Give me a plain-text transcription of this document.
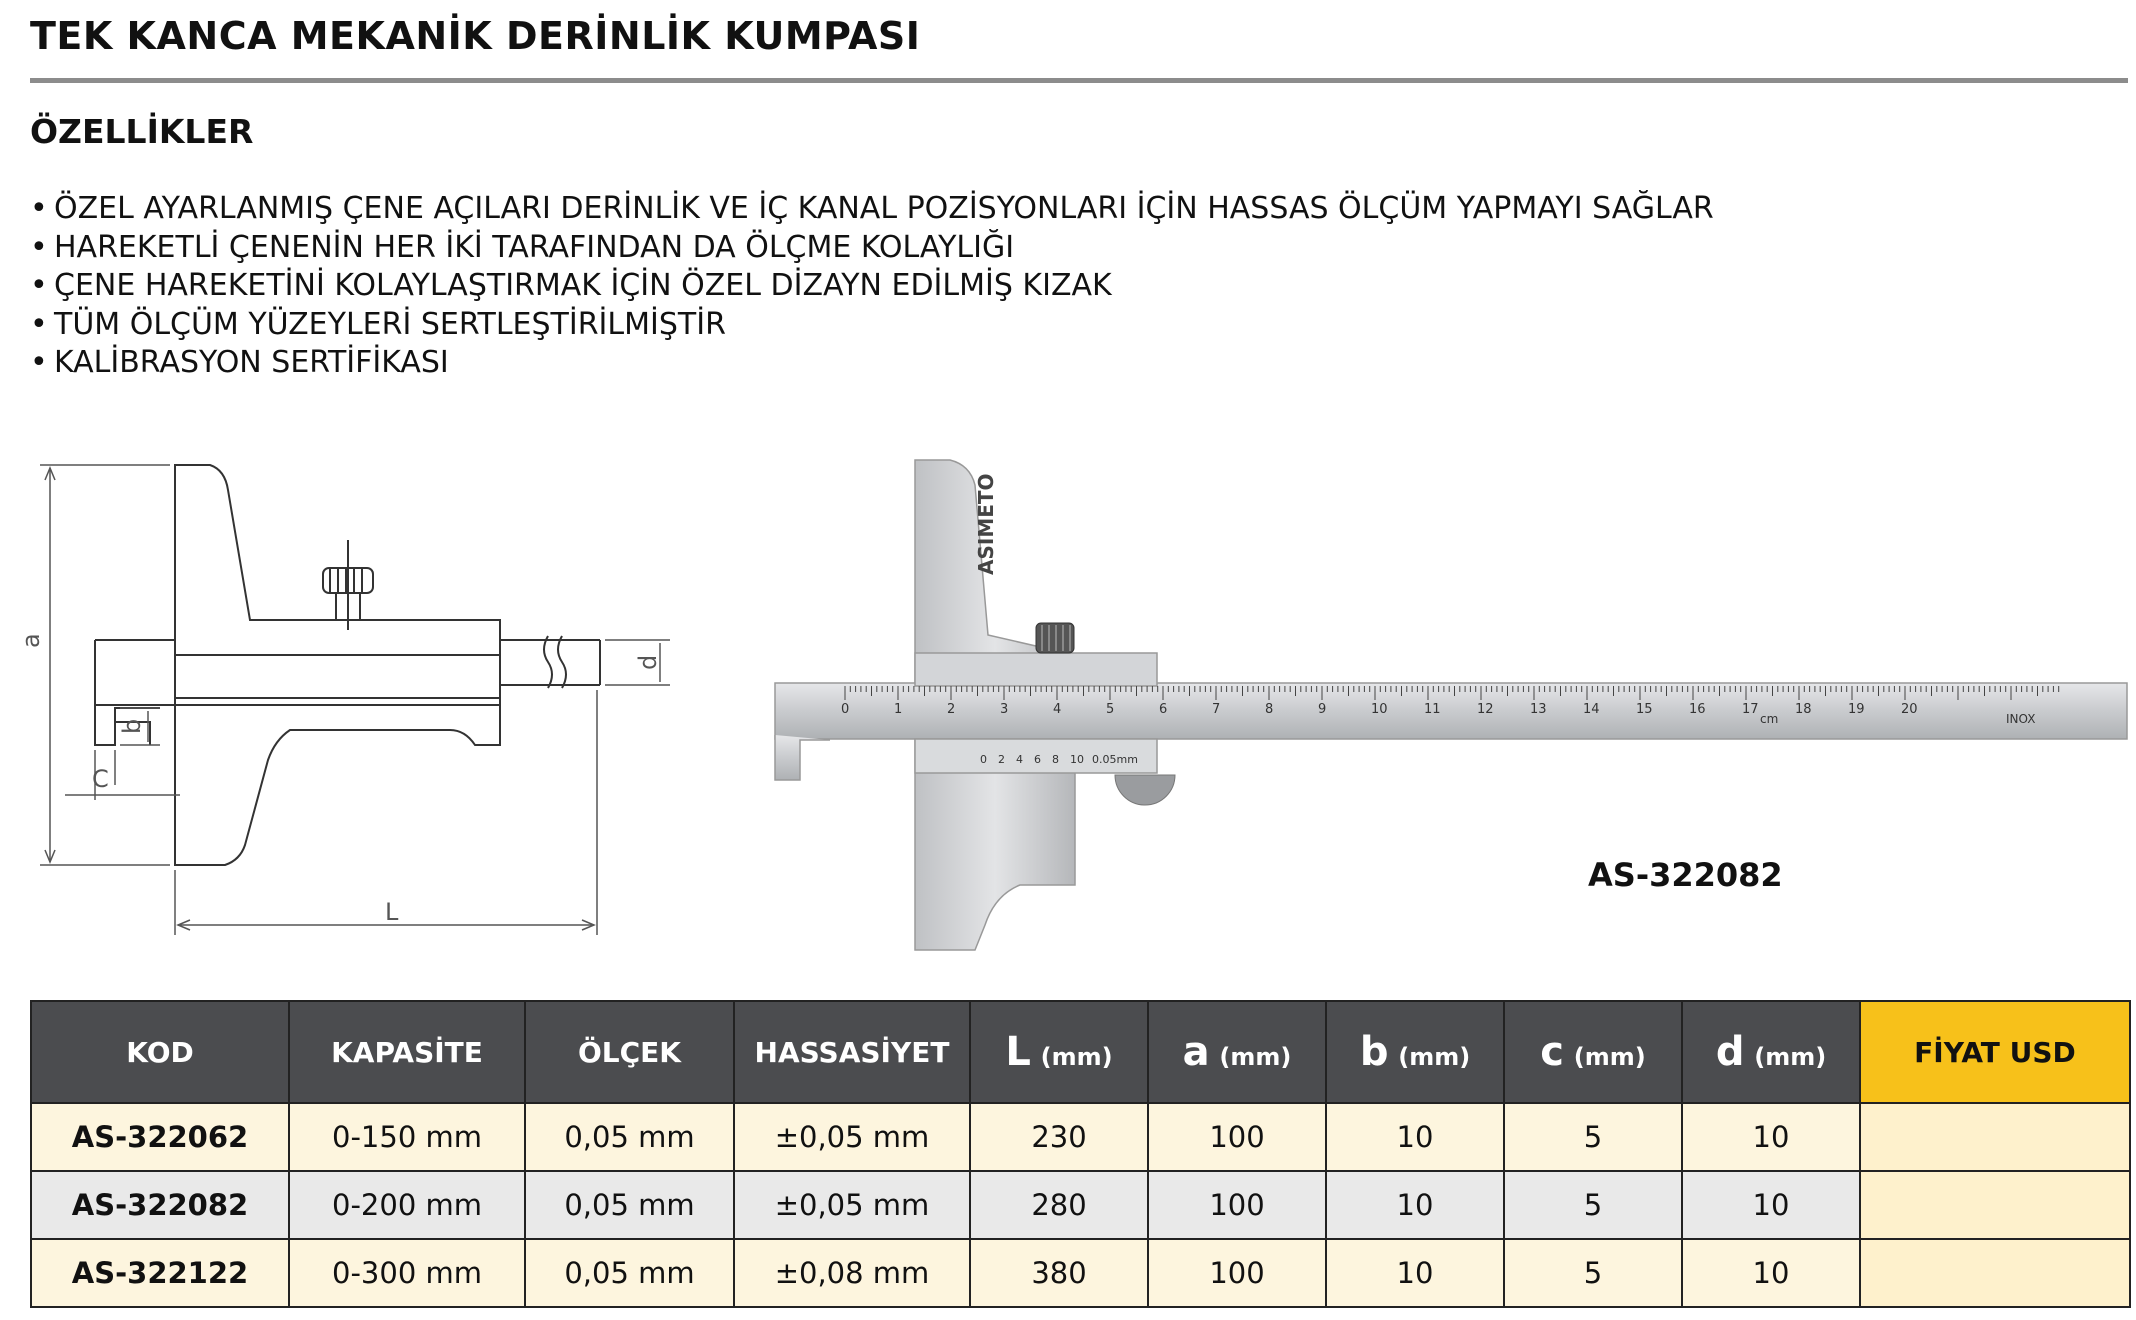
TEK KANCA MEKANİK DERİNLİK KUMPASI
ÖZELLİKLER
• ÖZEL AYARLANMIŞ ÇENE AÇILARI DERİNLİK VE İÇ KANAL POZİSYONLARI İÇİN HASSAS ÖLÇÜM YAPMAYI SAĞLAR
• HAREKETLİ ÇENENİN HER İKİ TARAFINDAN DA ÖLÇME KOLAYLIĞI
• ÇENE HAREKETİNİ KOLAYLAŞTIRMAK İÇİN ÖZEL DİZAYN EDİLMİŞ KIZAK
• TÜM ÖLÇÜM YÜZEYLERİ SERTLEŞTİRİLMİŞTİR
• KALİBRASYON SERTİFİKASI
a
L
d
b
C
ASIMETO
0	1	2	3	4	5	6	7	8	9	10	11	12	13	14	15	16	17	18	19	20
INOX
cm
0 2 4 6 8 10 0.05mm
AS-322082
KOD	KAPASİTE	ÖLÇEK	HASSASİYET	L (mm)	a (mm)	b (mm)	c (mm)	d (mm)	FİYAT USD
AS-322062	0-150 mm	0,05 mm	±0,05 mm	230	100	10	5	10	
AS-322082	0-200 mm	0,05 mm	±0,05 mm	280	100	10	5	10	
AS-322122	0-300 mm	0,05 mm	±0,08 mm	380	100	10	5	10	
